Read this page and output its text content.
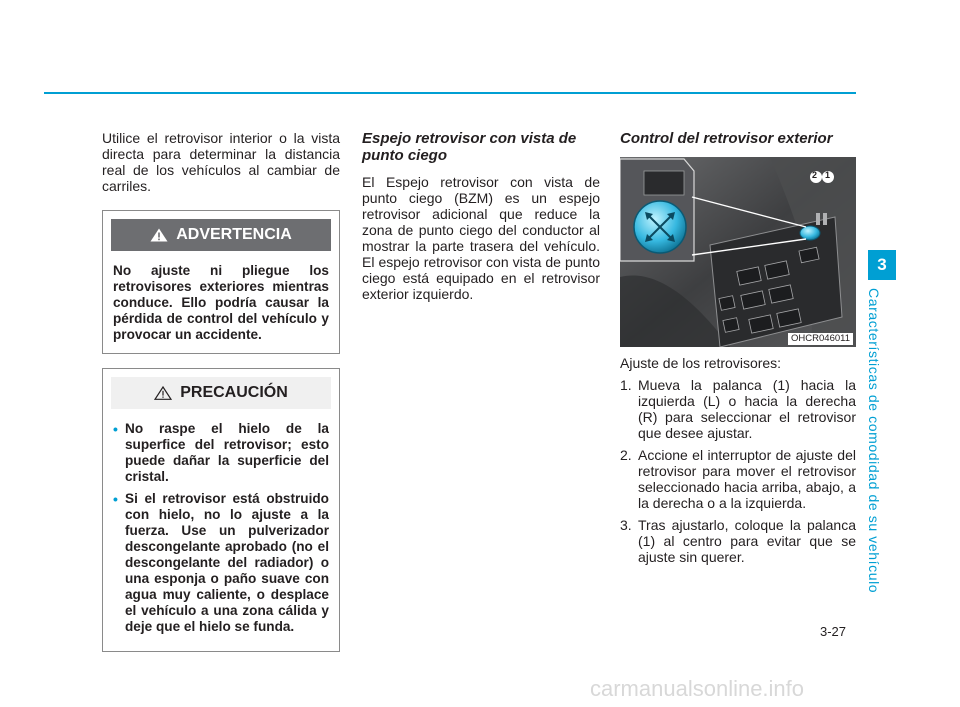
Utilice el retrovisor interior o la vista directa para determinar la distancia real de los vehículos al cambiar de carriles.

ADVERTENCIA
No ajuste ni pliegue los retrovisores exteriores mientras conduce. Ello podría causar la pérdida de control del vehículo y provocar un accidente.
PRECAUCIÓN
• No raspe el hielo de la superfice del retrovisor; esto puede dañar la superficie del cristal.
• Si el retrovisor está obstruido con hielo, no lo ajuste a la fuerza. Use un pulverizador descongelante aprobado (no el descongelante del radiador) o una esponja o paño suave con agua muy caliente, o desplace el vehículo a una zona cálida y deje que el hielo se funda.
Espejo retrovisor con vista de punto ciego

El Espejo retrovisor con vista de punto ciego (BZM) es un espejo retrovisor adicional que reduce la zona de punto ciego del conductor al mostrar la parte trasera del vehículo. El espejo retrovisor con vista de punto ciego está equipado en el retrovisor exterior izquierdo.

Control del retrovisor exterior
2 1
OHCR046011

Ajuste de los retrovisores:

1. Mueva la palanca (1) hacia la izquierda (L) o hacia la derecha (R) para seleccionar el retrovisor que desee ajustar.
2. Accione el interruptor de ajuste del retrovisor para mover el retrovisor seleccionado hacia arriba, abajo, a la derecha o a la izquierda.
3. Tras ajustarlo, coloque la palanca (1) al centro para evitar que se ajuste sin querer.
3
Características de comodidad de su vehículo
3-27
carmanualsonline.info
